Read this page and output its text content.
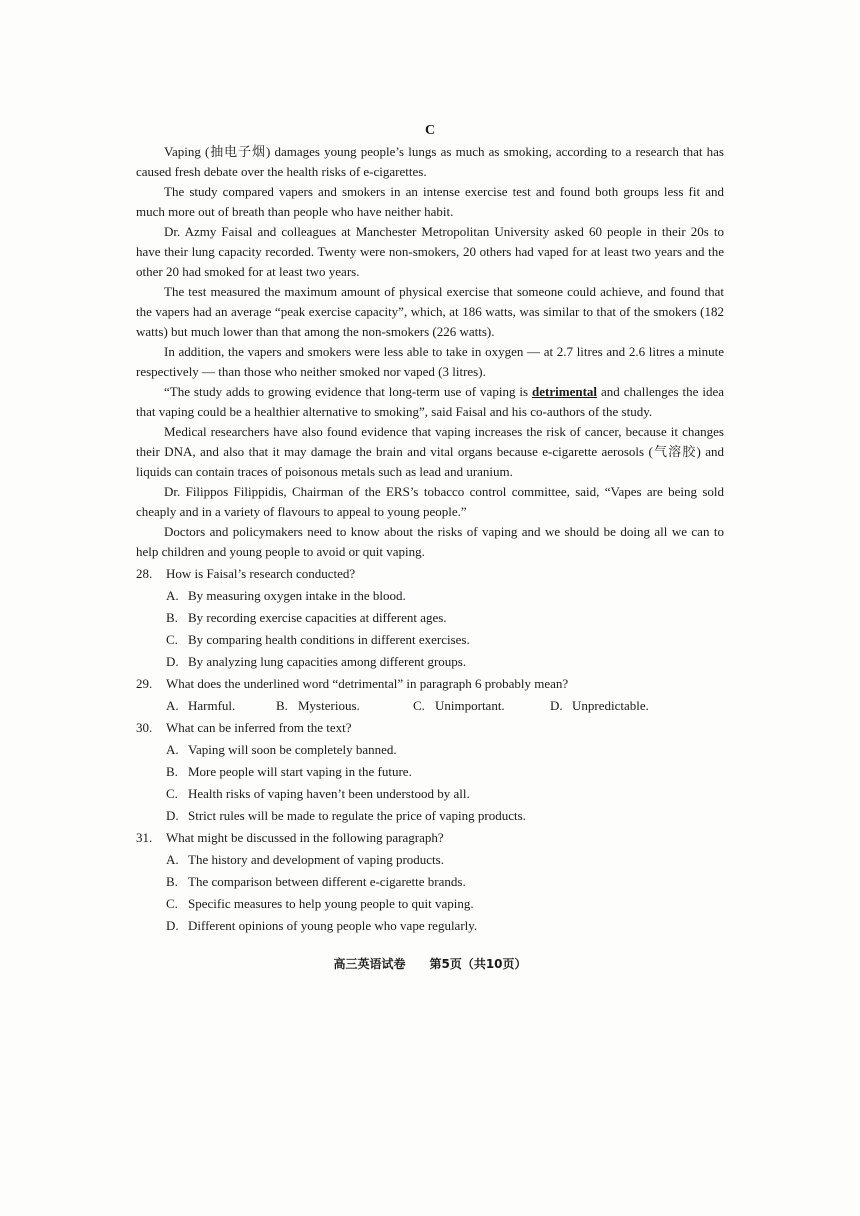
C

Vaping (抽电子烟) damages young people’s lungs as much as smoking, according to a research that has caused fresh debate over the health risks of e-cigarettes.

The study compared vapers and smokers in an intense exercise test and found both groups less fit and much more out of breath than people who have neither habit.

Dr. Azmy Faisal and colleagues at Manchester Metropolitan University asked 60 people in their 20s to have their lung capacity recorded. Twenty were non-smokers, 20 others had vaped for at least two years and the other 20 had smoked for at least two years.

The test measured the maximum amount of physical exercise that someone could achieve, and found that the vapers had an average “peak exercise capacity”, which, at 186 watts, was similar to that of the smokers (182 watts) but much lower than that among the non-smokers (226 watts).

In addition, the vapers and smokers were less able to take in oxygen — at 2.7 litres and 2.6 litres a minute respectively — than those who neither smoked nor vaped (3 litres).

“The study adds to growing evidence that long-term use of vaping is detrimental and challenges the idea that vaping could be a healthier alternative to smoking”, said Faisal and his co-authors of the study.

Medical researchers have also found evidence that vaping increases the risk of cancer, because it changes their DNA, and also that it may damage the brain and vital organs because e-cigarette aerosols (气溶胶) and liquids can contain traces of poisonous metals such as lead and uranium.

Dr. Filippos Filippidis, Chairman of the ERS’s tobacco control committee, said, “Vapes are being sold cheaply and in a variety of flavours to appeal to young people.”

Doctors and policymakers need to know about the risks of vaping and we should be doing all we can to help children and young people to avoid or quit vaping.

28. How is Faisal’s research conducted?
A. By measuring oxygen intake in the blood.
B. By recording exercise capacities at different ages.
C. By comparing health conditions in different exercises.
D. By analyzing lung capacities among different groups.
29. What does the underlined word “detrimental” in paragraph 6 probably mean?
A. Harmful.	B. Mysterious.	C. Unimportant.	D. Unpredictable.
30. What can be inferred from the text?
A. Vaping will soon be completely banned.
B. More people will start vaping in the future.
C. Health risks of vaping haven’t been understood by all.
D. Strict rules will be made to regulate the price of vaping products.
31. What might be discussed in the following paragraph?
A. The history and development of vaping products.
B. The comparison between different e-cigarette brands.
C. Specific measures to help young people to quit vaping.
D. Different opinions of young people who vape regularly.
高三英语试卷 第5页（共10页）
